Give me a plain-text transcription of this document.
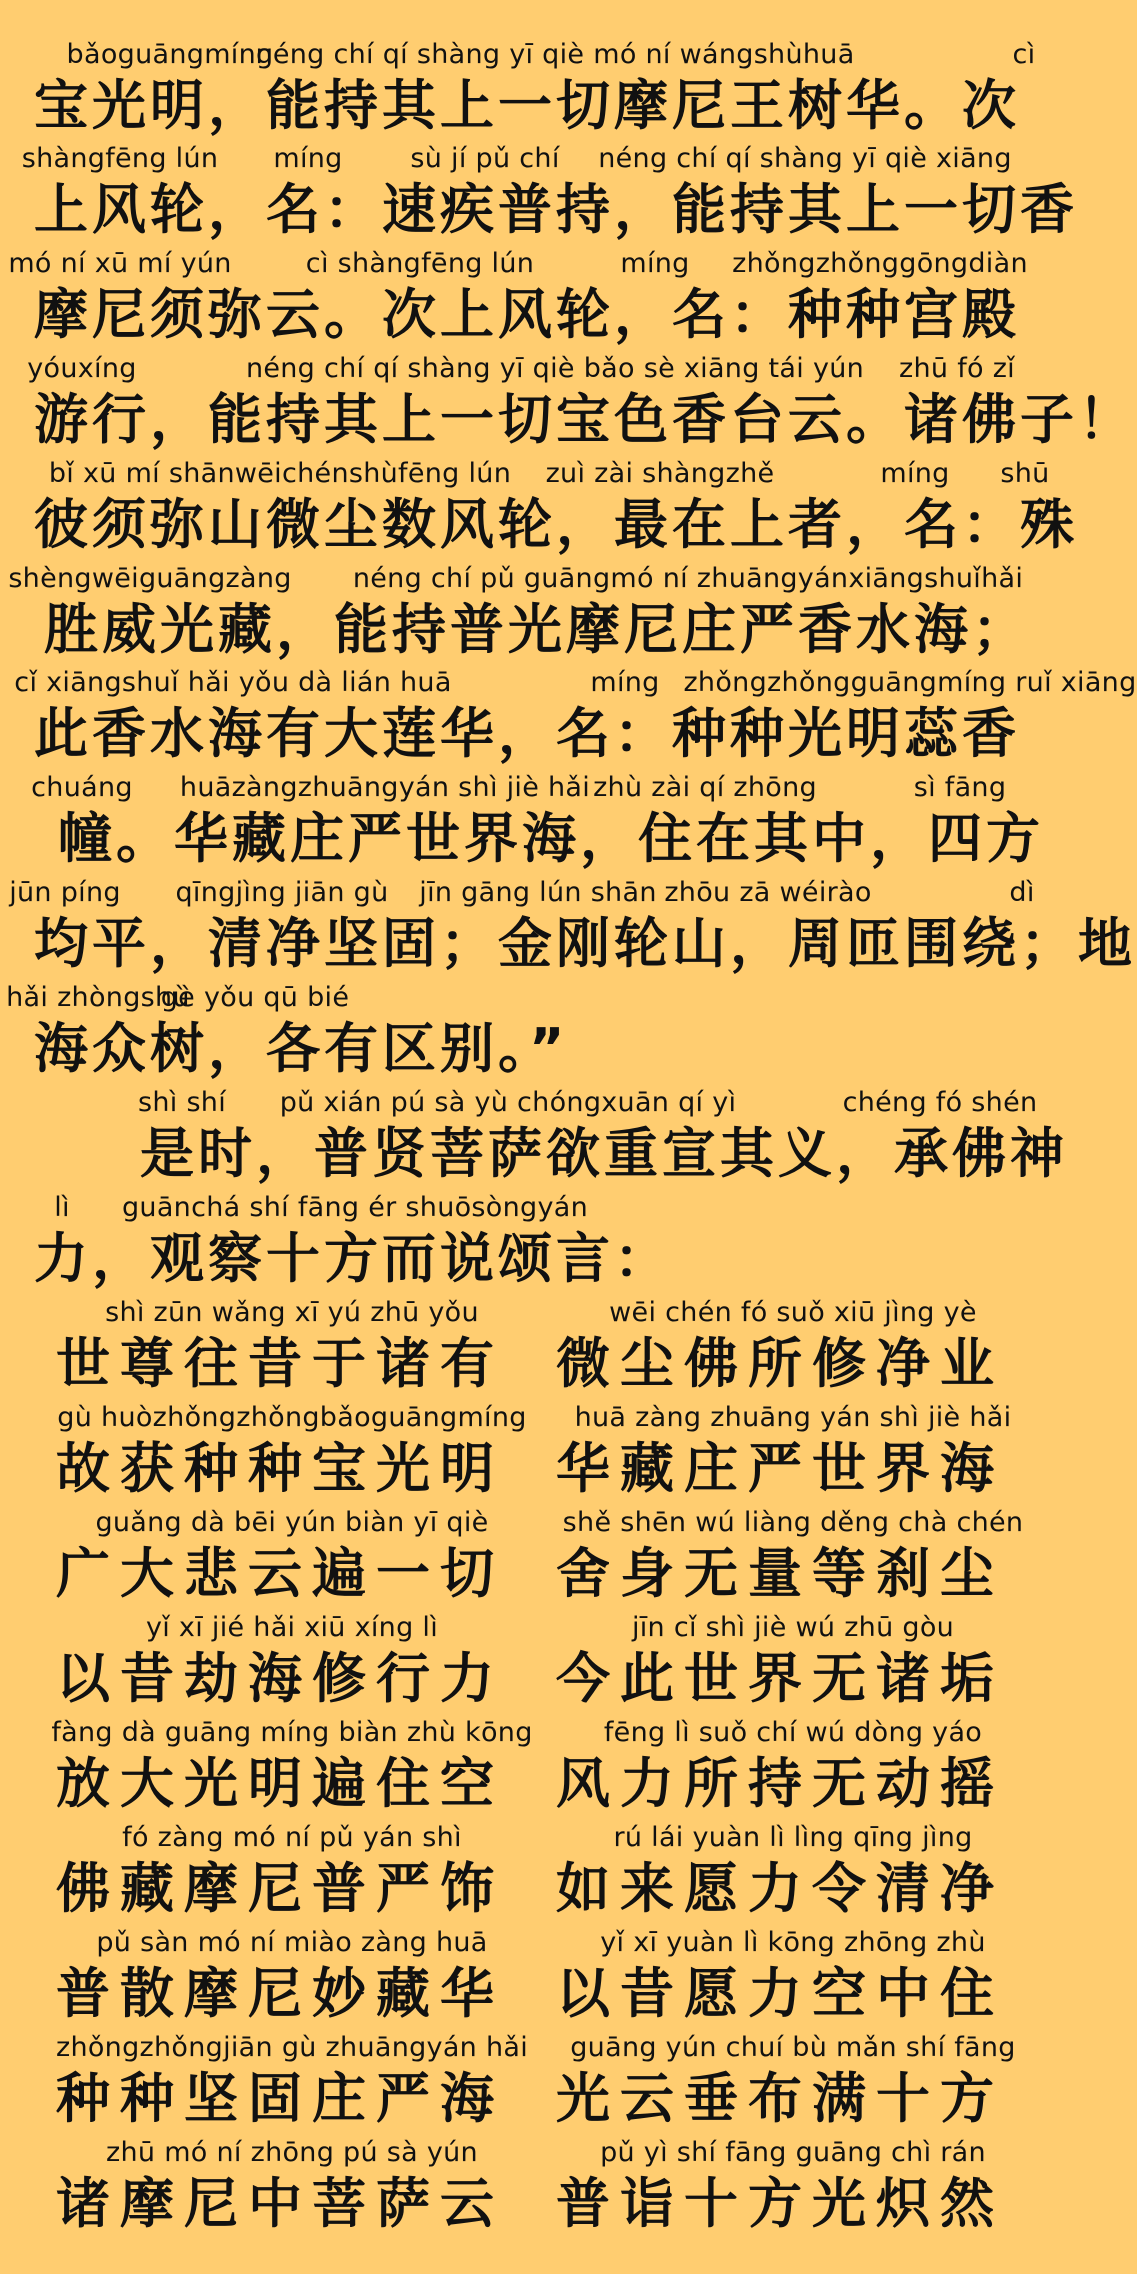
bǎoguāngmíng
néng chí qí shàng yī qiè mó ní wángshùhuā	cì
宝光明，能持其上一切摩尼王树华。次
shàngfēng lún míng	sù jí pǔ chí néng chí qí shàng yī qiè xiāng
上风轮，名：速疾普持，能持其上一切香
mó ní xū mí yún	cì shàngfēng lún	míng zhǒngzhǒnggōngdiàn
摩尼须弥云。次上风轮，名：种种宫殿
yóuxíng	néng chí qí shàng yī qiè bǎo sè xiāng tái yún zhū fó zǐ
游行，能持其上一切宝色香台云。诸佛子！
bǐ xū mí shānwēichénshùfēng lún zuì zài shàngzhě	míng shū
彼须弥山微尘数风轮，最在上者，名：殊
shèngwēiguāngzàng néng chí pǔ guāngmó ní zhuāngyánxiāngshuǐhǎi
胜威光藏，能持普光摩尼庄严香水海；
cǐ xiāngshuǐ hǎi yǒu dà lián huā	míng zhǒngzhǒngguāngmíng ruǐ xiāng
此香水海有大莲华，名：种种光明蕊香
chuáng huāzàngzhuāngyán shì jiè hǎi zhù zài qí zhōng	sì fāng
幢。华藏庄严世界海，住在其中，四方
jūn píng qīngjìng jiān gù jīn gāng lún shān zhōu zā wéirào	dì
均平，清净坚固；金刚轮山，周匝围绕；地
hǎi zhòngshù
gè yǒu qū bié
海众树，各有区别。”
shì shí pǔ xián pú sà yù chóngxuān qí yì	chéng fó shén
是时，普贤菩萨欲重宣其义，承佛神
lì guānchá shí fāng ér shuōsòngyán
力，观察十方而说颂言：
shì zūn wǎng xī yú zhū yǒu
世尊往昔于诸有
wēi chén fó suǒ xiū jìng yè
微尘佛所修净业
gù huòzhǒngzhǒngbǎoguāngmíng
故获种种宝光明
huā zàng zhuāng yán shì jiè hǎi
华藏庄严世界海
guǎng dà bēi yún biàn yī qiè
广大悲云遍一切
shě shēn wú liàng děng chà chén
舍身无量等刹尘
yǐ xī jié hǎi xiū xíng lì
以昔劫海修行力
jīn cǐ shì jiè wú zhū gòu
今此世界无诸垢
fàng dà guāng míng biàn zhù kōng
放大光明遍住空
fēng lì suǒ chí wú dòng yáo
风力所持无动摇
fó zàng mó ní pǔ yán shì
佛藏摩尼普严饰
rú lái yuàn lì lìng qīng jìng
如来愿力令清净
pǔ sàn mó ní miào zàng huā
普散摩尼妙藏华
yǐ xī yuàn lì kōng zhōng zhù
以昔愿力空中住
zhǒngzhǒngjiān gù zhuāngyán hǎi
种种坚固庄严海
guāng yún chuí bù mǎn shí fāng
光云垂布满十方
zhū mó ní zhōng pú sà yún
诸摩尼中菩萨云
pǔ yì shí fāng guāng chì rán
普诣十方光炽然
